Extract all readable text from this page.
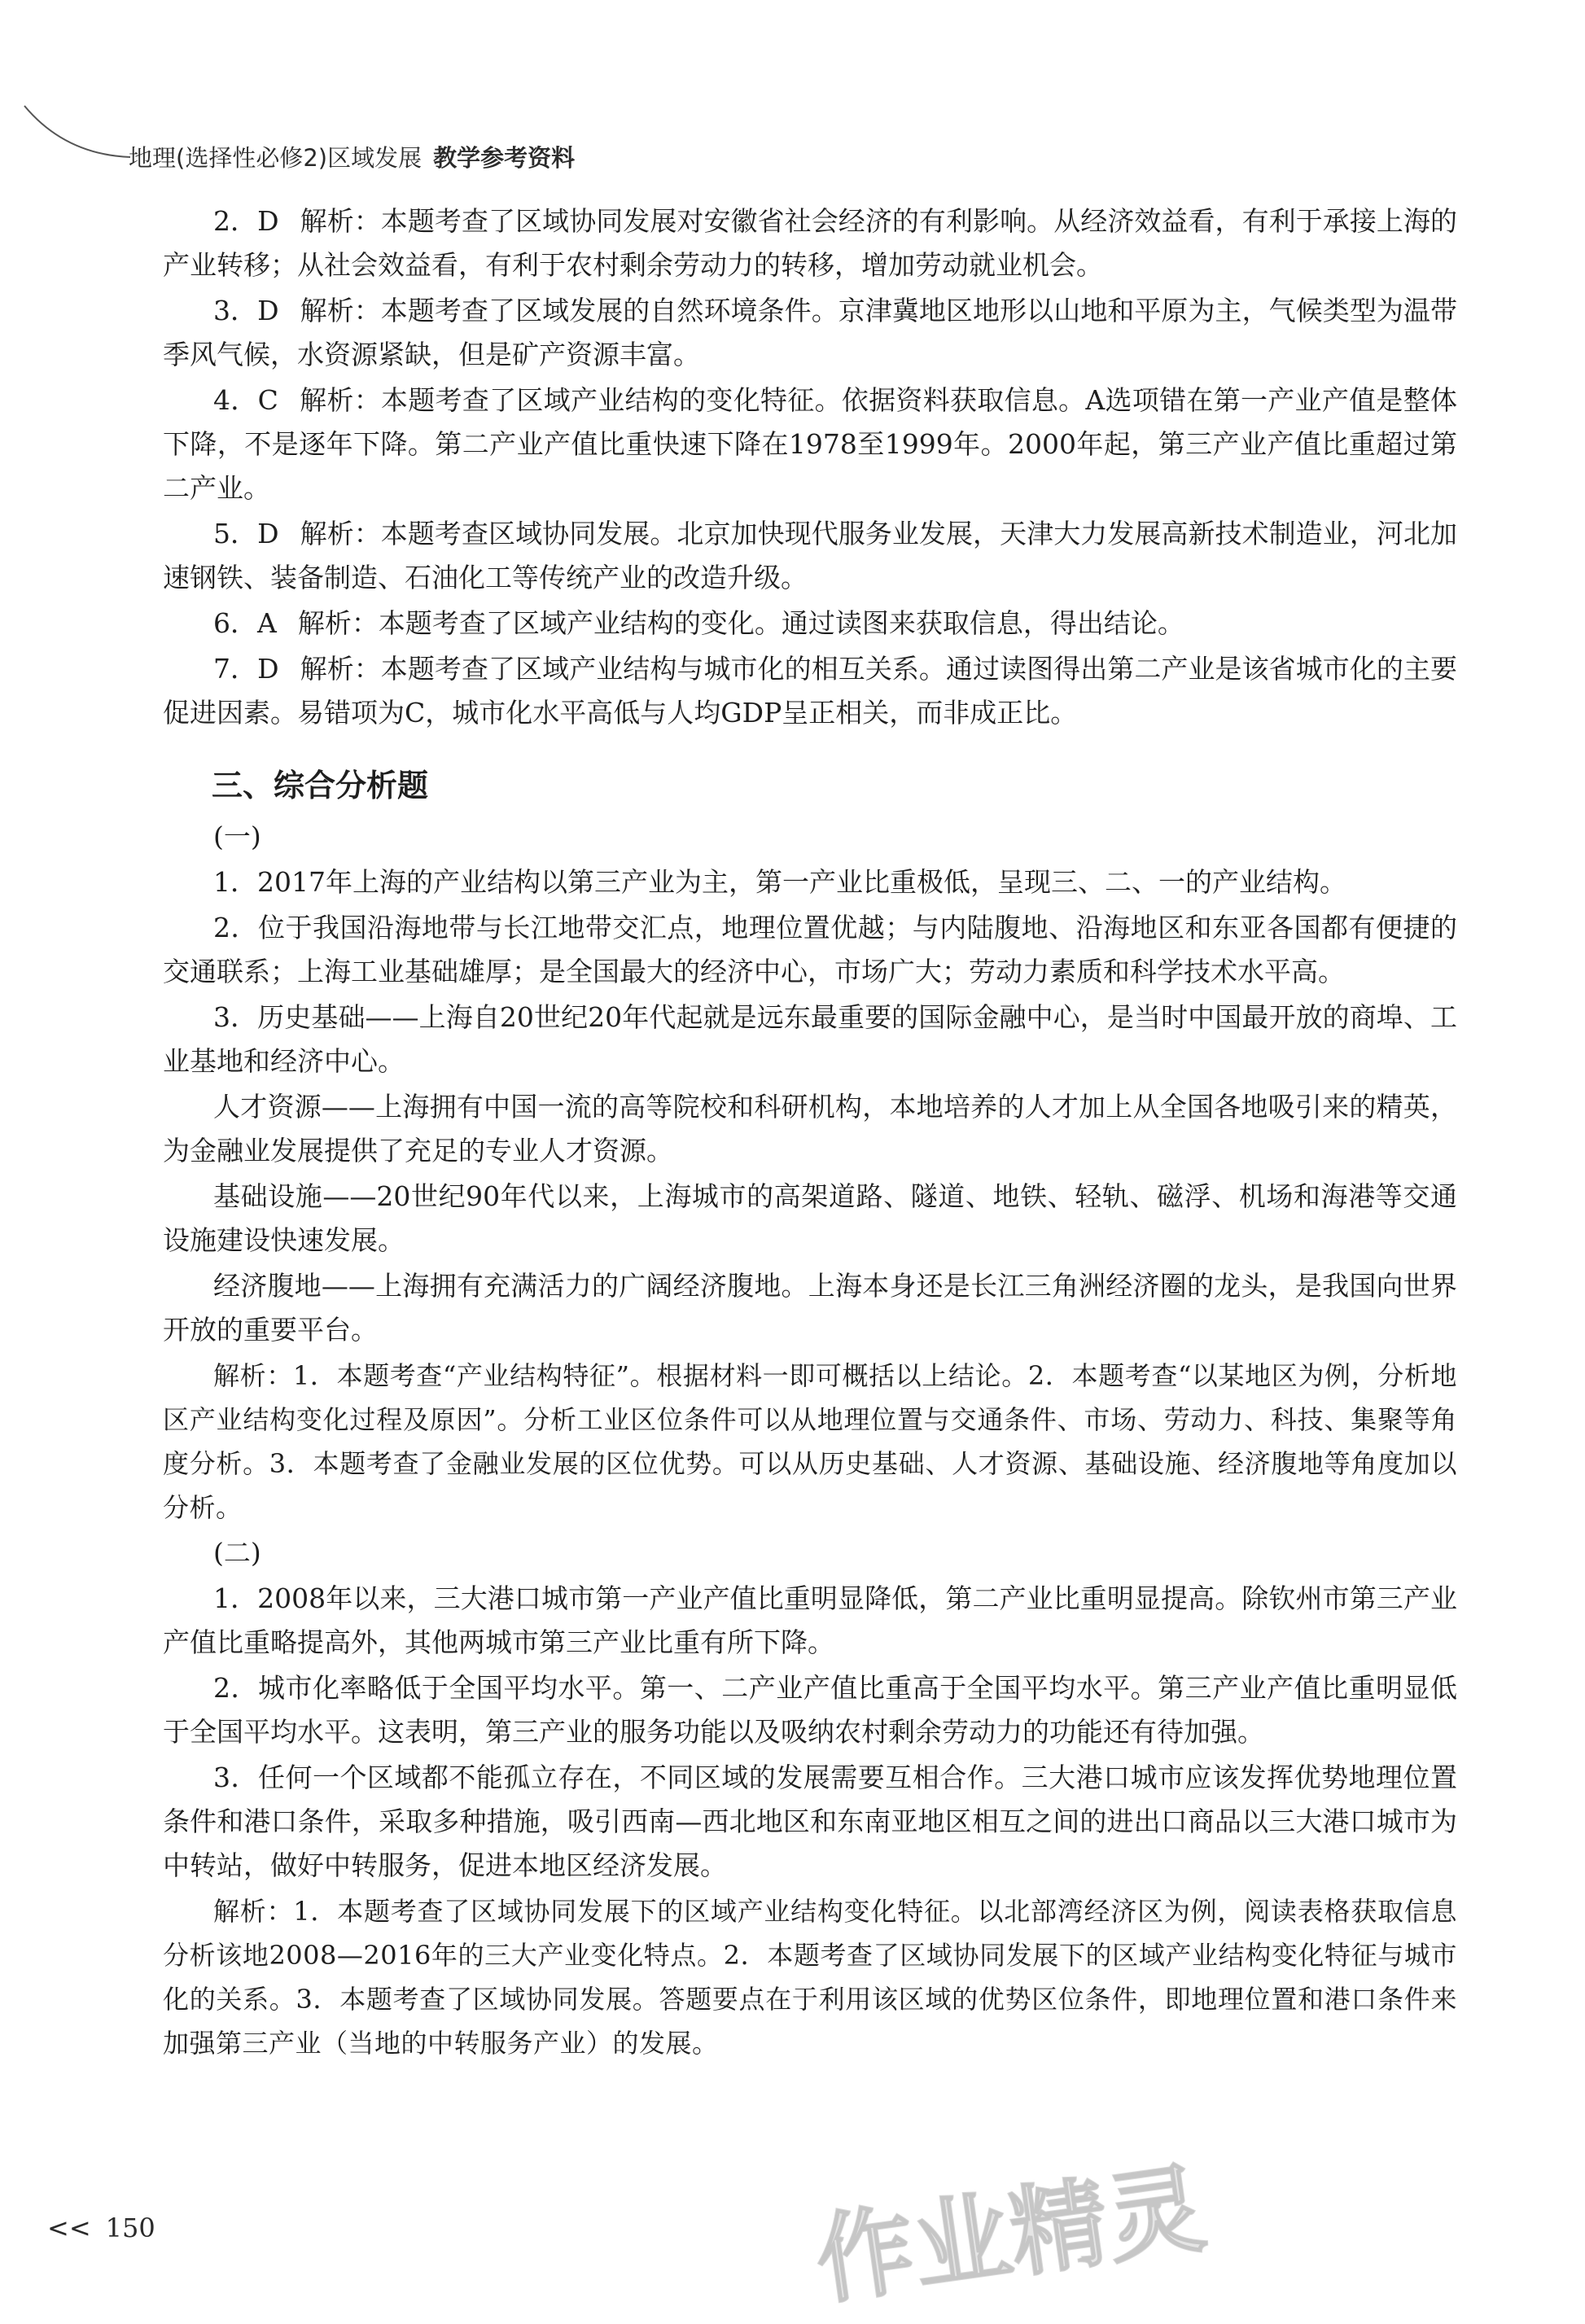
地理(选择性必修2)区域发展 教学参考资料

2．D 解析：本题考查了区域协同发展对安徽省社会经济的有利影响。从经济效益看，有利于承接上海的产业转移；从社会效益看，有利于农村剩余劳动力的转移，增加劳动就业机会。

3．D 解析：本题考查了区域发展的自然环境条件。京津冀地区地形以山地和平原为主，气候类型为温带季风气候，水资源紧缺，但是矿产资源丰富。

4．C 解析：本题考查了区域产业结构的变化特征。依据资料获取信息。A选项错在第一产业产值是整体下降，不是逐年下降。第二产业产值比重快速下降在1978至1999年。2000年起，第三产业产值比重超过第二产业。

5．D 解析：本题考查区域协同发展。北京加快现代服务业发展，天津大力发展高新技术制造业，河北加速钢铁、装备制造、石油化工等传统产业的改造升级。

6．A 解析：本题考查了区域产业结构的变化。通过读图来获取信息，得出结论。

7．D 解析：本题考查了区域产业结构与城市化的相互关系。通过读图得出第二产业是该省城市化的主要促进因素。易错项为C，城市化水平高低与人均GDP呈正相关，而非成正比。

三、综合分析题
(一)

1．2017年上海的产业结构以第三产业为主，第一产业比重极低，呈现三、二、一的产业结构。

2．位于我国沿海地带与长江地带交汇点，地理位置优越；与内陆腹地、沿海地区和东亚各国都有便捷的交通联系；上海工业基础雄厚；是全国最大的经济中心，市场广大；劳动力素质和科学技术水平高。

3．历史基础——上海自20世纪20年代起就是远东最重要的国际金融中心，是当时中国最开放的商埠、工业基地和经济中心。

人才资源——上海拥有中国一流的高等院校和科研机构，本地培养的人才加上从全国各地吸引来的精英，为金融业发展提供了充足的专业人才资源。

基础设施——20世纪90年代以来，上海城市的高架道路、隧道、地铁、轻轨、磁浮、机场和海港等交通设施建设快速发展。

经济腹地——上海拥有充满活力的广阔经济腹地。上海本身还是长江三角洲经济圈的龙头，是我国向世界开放的重要平台。

解析：1．本题考查“产业结构特征”。根据材料一即可概括以上结论。2．本题考查“以某地区为例，分析地区产业结构变化过程及原因”。分析工业区位条件可以从地理位置与交通条件、市场、劳动力、科技、集聚等角度分析。3．本题考查了金融业发展的区位优势。可以从历史基础、人才资源、基础设施、经济腹地等角度加以分析。

(二)

1．2008年以来，三大港口城市第一产业产值比重明显降低，第二产业比重明显提高。除钦州市第三产业产值比重略提高外，其他两城市第三产业比重有所下降。

2．城市化率略低于全国平均水平。第一、二产业产值比重高于全国平均水平。第三产业产值比重明显低于全国平均水平。这表明，第三产业的服务功能以及吸纳农村剩余劳动力的功能还有待加强。

3．任何一个区域都不能孤立存在，不同区域的发展需要互相合作。三大港口城市应该发挥优势地理位置条件和港口条件，采取多种措施，吸引西南—西北地区和东南亚地区相互之间的进出口商品以三大港口城市为中转站，做好中转服务，促进本地区经济发展。

解析：1．本题考查了区域协同发展下的区域产业结构变化特征。以北部湾经济区为例，阅读表格获取信息分析该地2008—2016年的三大产业变化特点。2．本题考查了区域协同发展下的区域产业结构变化特征与城市化的关系。3．本题考查了区域协同发展。答题要点在于利用该区域的优势区位条件，即地理位置和港口条件来加强第三产业（当地的中转服务产业）的发展。

作业精灵
<< 150
